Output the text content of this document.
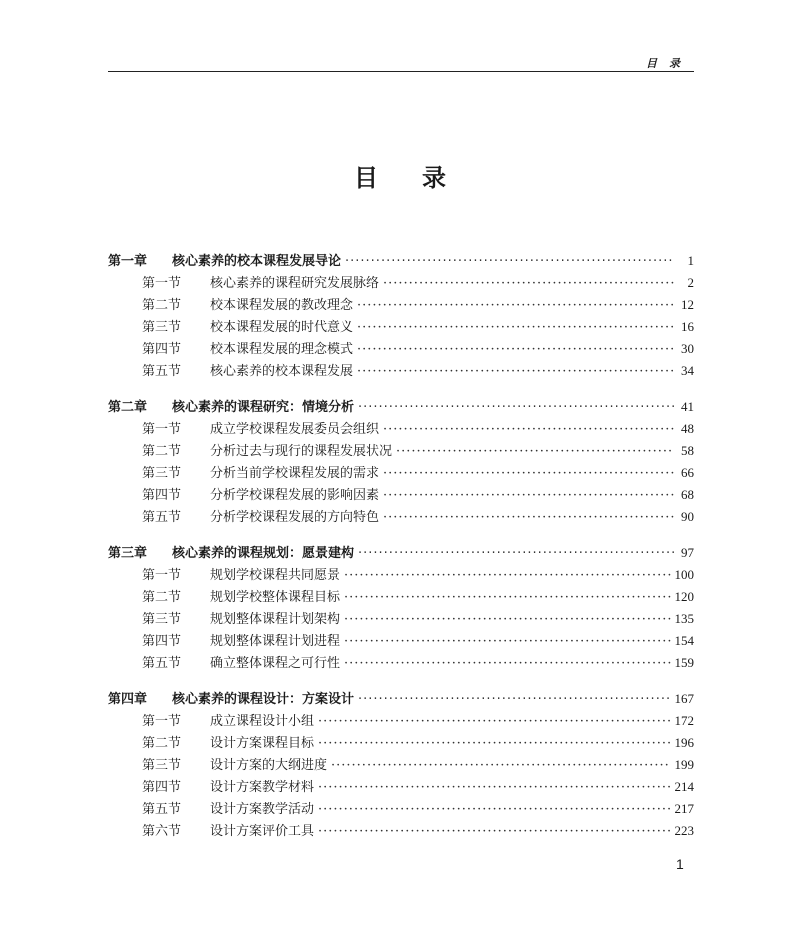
目录
目录
第一章	核心素养的校本课程发展导论 ·····	1
第一节	核心素养的课程研究发展脉络 ·····	2
第二节	校本课程发展的教改理念 ·····	12
第三节	校本课程发展的时代意义 ·····	16
第四节	校本课程发展的理念模式 ·····	30
第五节	核心素养的校本课程发展 ·····	34
第二章	核心素养的课程研究：情境分析 ·····	41
第一节	成立学校课程发展委员会组织 ·····	48
第二节	分析过去与现行的课程发展状况 ·····	58
第三节	分析当前学校课程发展的需求 ·····	66
第四节	分析学校课程发展的影响因素 ·····	68
第五节	分析学校课程发展的方向特色 ·····	90
第三章	核心素养的课程规划：愿景建构 ·····	97
第一节	规划学校课程共同愿景 ·····	100
第二节	规划学校整体课程目标 ·····	120
第三节	规划整体课程计划架构 ·····	135
第四节	规划整体课程计划进程 ·····	154
第五节	确立整体课程之可行性 ·····	159
第四章	核心素养的课程设计：方案设计 ·····	167
第一节	成立课程设计小组 ·····	172
第二节	设计方案课程目标 ·····	196
第三节	设计方案的大纲进度 ·····	199
第四节	设计方案教学材料 ·····	214
第五节	设计方案教学活动 ·····	217
第六节	设计方案评价工具 ·····	223
1
